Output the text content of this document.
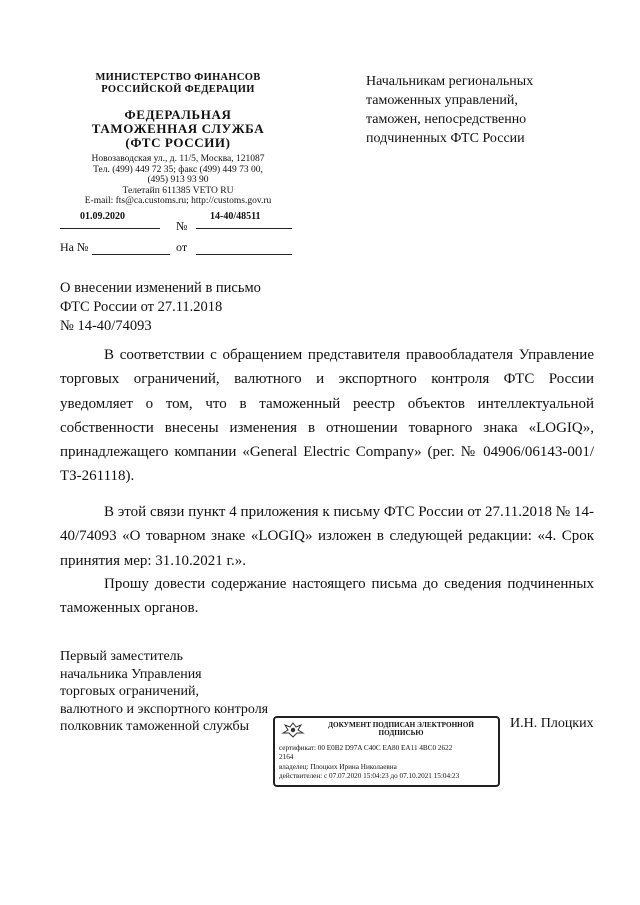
МИНИСТЕРСТВО ФИНАНСОВ
РОССИЙСКОЙ ФЕДЕРАЦИИ
ФЕДЕРАЛЬНАЯ
ТАМОЖЕННАЯ СЛУЖБА
(ФТС РОССИИ)
Новозаводская ул., д. 11/5, Москва, 121087
Тел. (499) 449 72 35; факс (499) 449 73 00,
(495) 913 93 90
Телетайп 611385 VETO RU
E-mail: fts@ca.customs.ru; http://customs.gov.ru
01.09.2020
№
14-40/48511
На №	от
Начальникам региональных
таможенных управлений,
таможен, непосредственно
подчиненных ФТС России
О внесении изменений в письмо
ФТС России от 27.11.2018
№ 14-40/74093

В соответствии с обращением представителя правообладателя Управление торговых ограничений, валютного и экспортного контроля ФТС России уведомляет о том, что в таможенный реестр объектов интеллектуальной собственности внесены изменения в отношении товарного знака «LOGIQ», принадлежащего компании «General Electric Company» (рег. № 04906/06143-001/ТЗ-261118).

В этой связи пункт 4 приложения к письму ФТС России от 27.11.2018 № 14-40/74093 «О товарном знаке «LOGIQ» изложен в следующей редакции: «4. Срок принятия мер: 31.10.2021 г.».

Прошу довести содержание настоящего письма до сведения подчиненных таможенных органов.

Первый заместитель
начальника Управления
торговых ограничений,
валютного и экспортного контроля
полковник таможенной службы	И.Н. Плоцких
ДОКУМЕНТ ПОДПИСАН ЭЛЕКТРОННОЙ
ПОДПИСЬЮ
сертификат: 00 E0B2 D97A C40C EA80 EA11 4BC0 2622
2164
владелец: Плоцких Ирина Николаевна
действителен: с 07.07.2020 15:04:23 до 07.10.2021 15:04:23
